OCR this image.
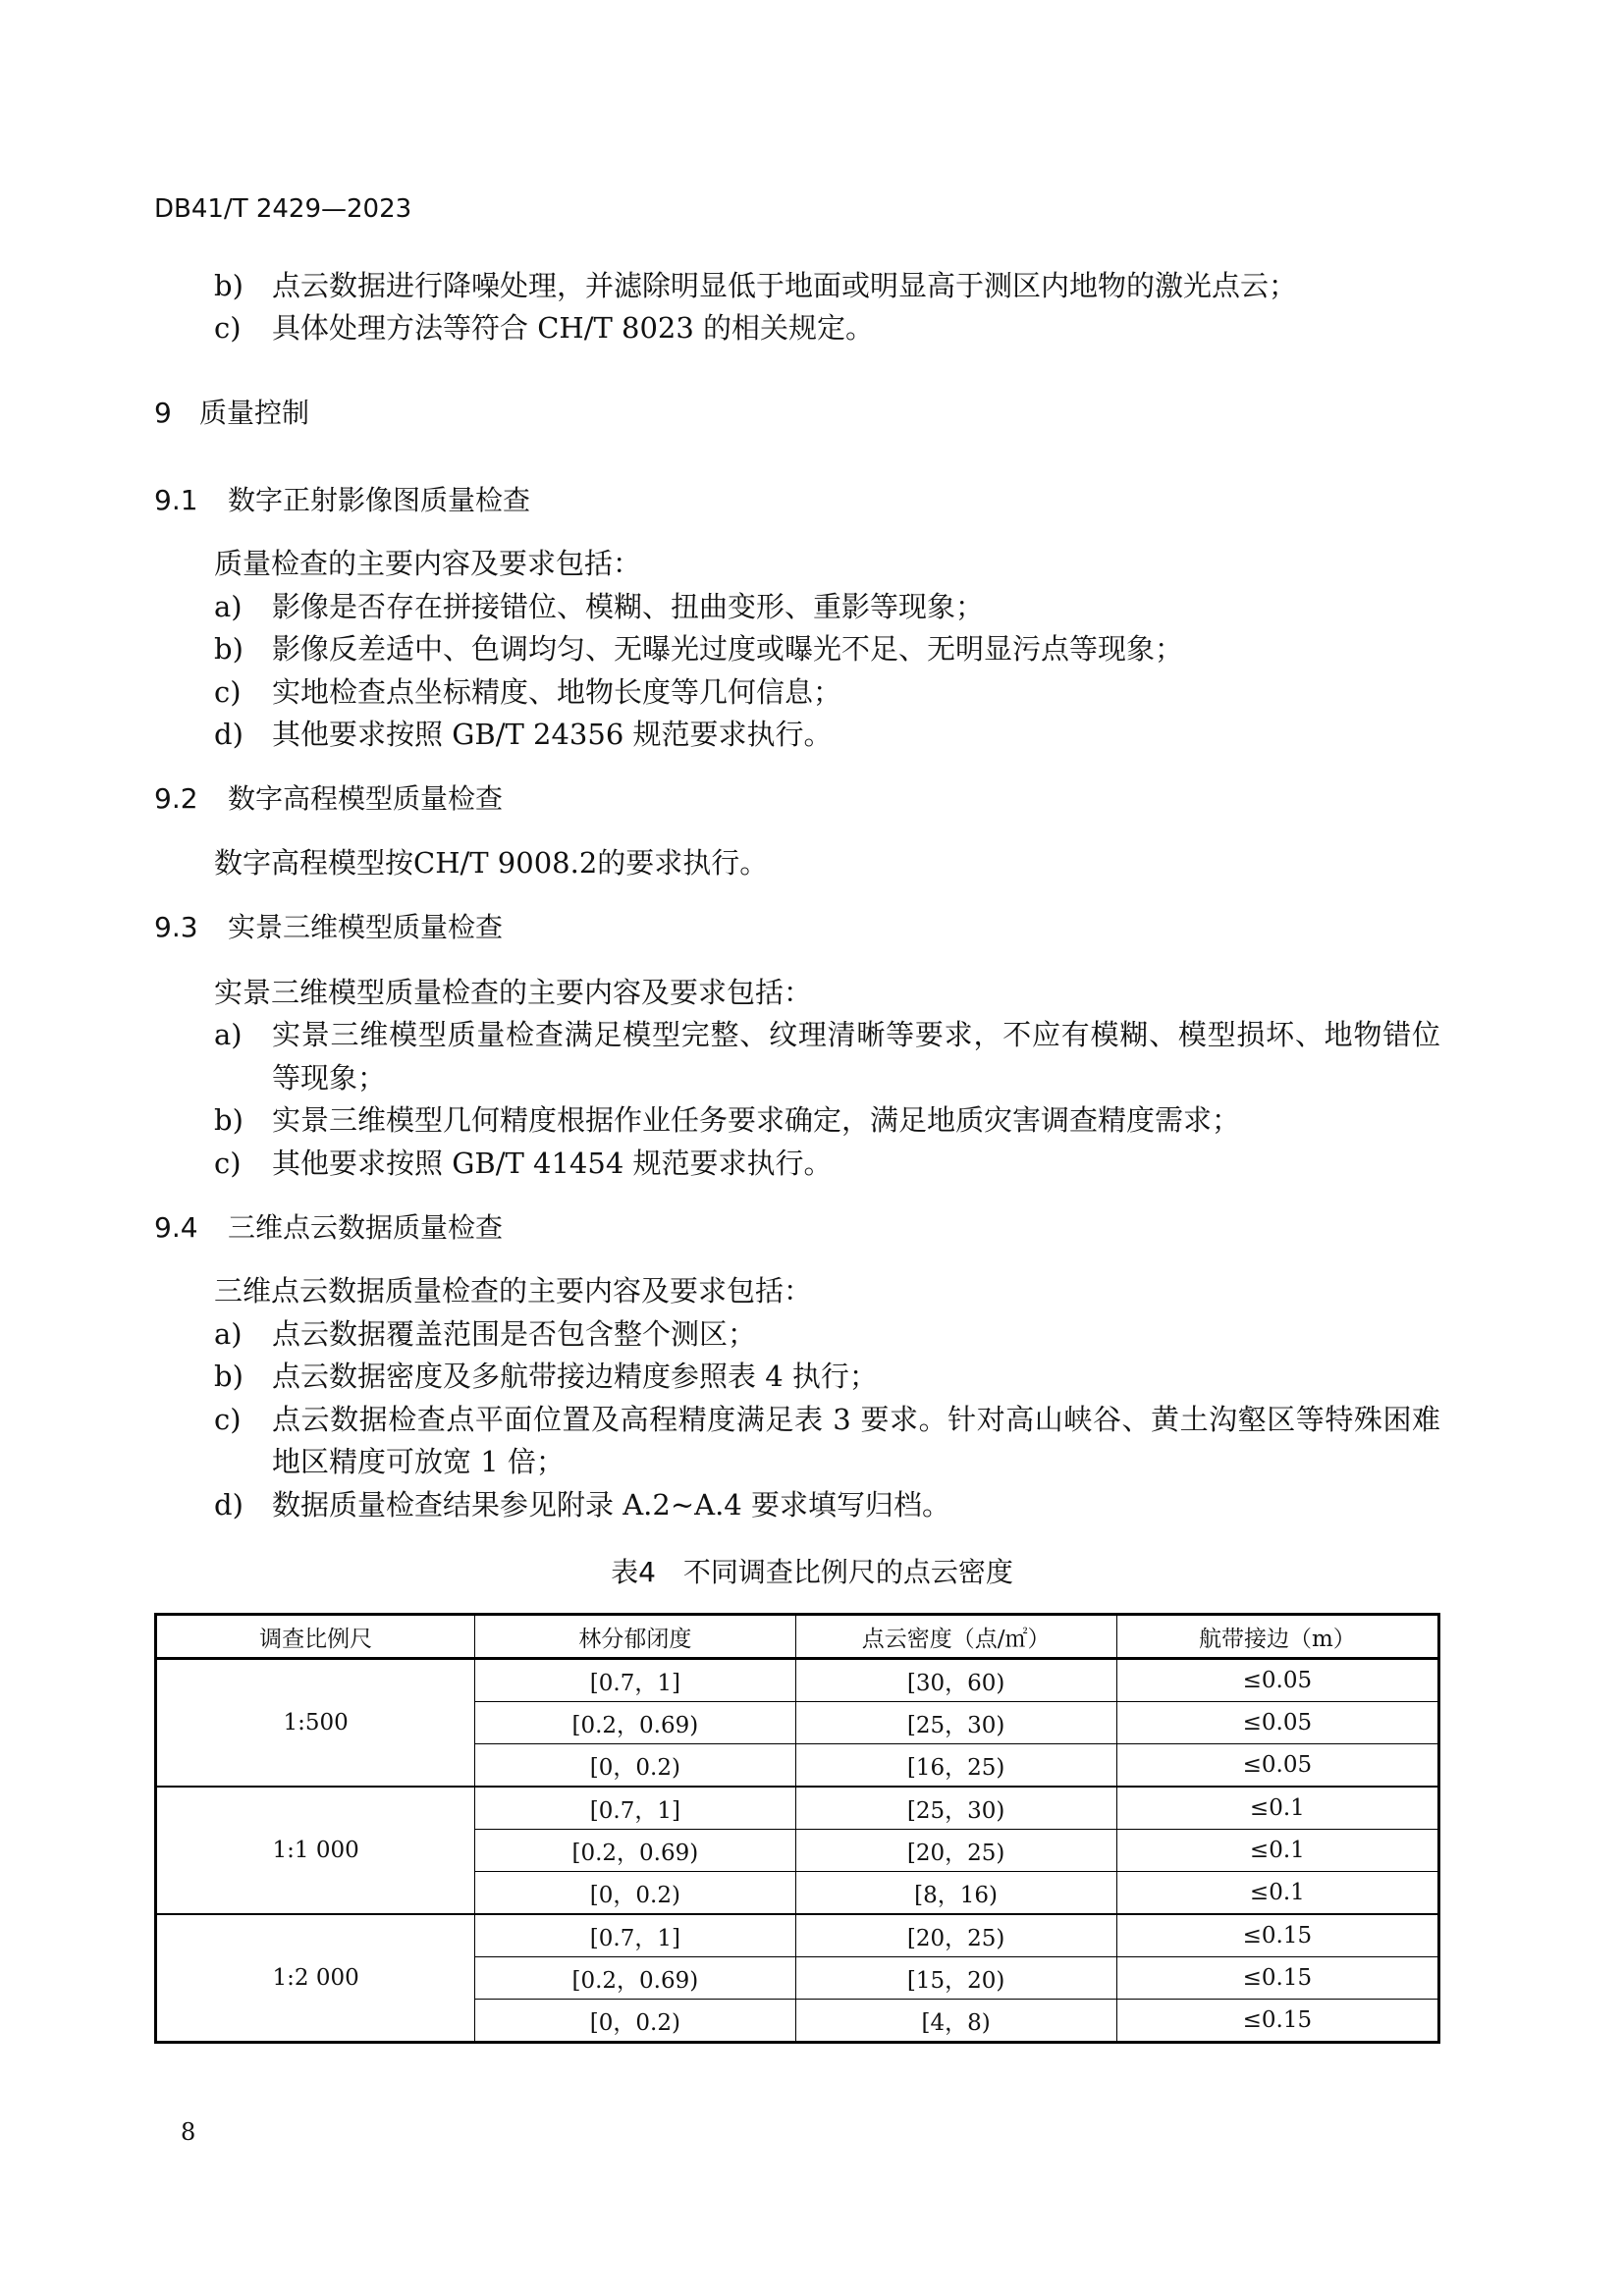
DB41/T 2429—2023
b) 点云数据进行降噪处理，并滤除明显低于地面或明显高于测区内地物的激光点云；
c) 具体处理方法等符合 CH/T 8023 的相关规定。
9 质量控制
9.1 数字正射影像图质量检查
质量检查的主要内容及要求包括：
a) 影像是否存在拼接错位、模糊、扭曲变形、重影等现象；
b) 影像反差适中、色调均匀、无曝光过度或曝光不足、无明显污点等现象；
c) 实地检查点坐标精度、地物长度等几何信息；
d) 其他要求按照 GB/T 24356 规范要求执行。
9.2 数字高程模型质量检查
数字高程模型按CH/T 9008.2的要求执行。
9.3 实景三维模型质量检查
实景三维模型质量检查的主要内容及要求包括：
a) 实景三维模型质量检查满足模型完整、纹理清晰等要求，不应有模糊、模型损坏、地物错位
等现象；
b) 实景三维模型几何精度根据作业任务要求确定，满足地质灾害调查精度需求；
c) 其他要求按照 GB/T 41454 规范要求执行。
9.4 三维点云数据质量检查
三维点云数据质量检查的主要内容及要求包括：
a) 点云数据覆盖范围是否包含整个测区；
b) 点云数据密度及多航带接边精度参照表 4 执行；
c) 点云数据检查点平面位置及高程精度满足表 3 要求。针对高山峡谷、黄土沟壑区等特殊困难
地区精度可放宽 1 倍；
d) 数据质量检查结果参见附录 A.2~A.4 要求填写归档。
表4　不同调查比例尺的点云密度
调查比例尺	林分郁闭度	点云密度（点/㎡）	航带接边（m）
1:500	[0.7，1]	[30，60)	≤0.05
	[0.2，0.69)	[25，30)	≤0.05
	[0，0.2)	[16，25)	≤0.05
1:1 000	[0.7，1]	[25，30)	≤0.1
	[0.2，0.69)	[20，25)	≤0.1
	[0，0.2)	[8，16)	≤0.1
1:2 000	[0.7，1]	[20，25)	≤0.15
	[0.2，0.69)	[15，20)	≤0.15
	[0，0.2)	[4，8)	≤0.15
8
